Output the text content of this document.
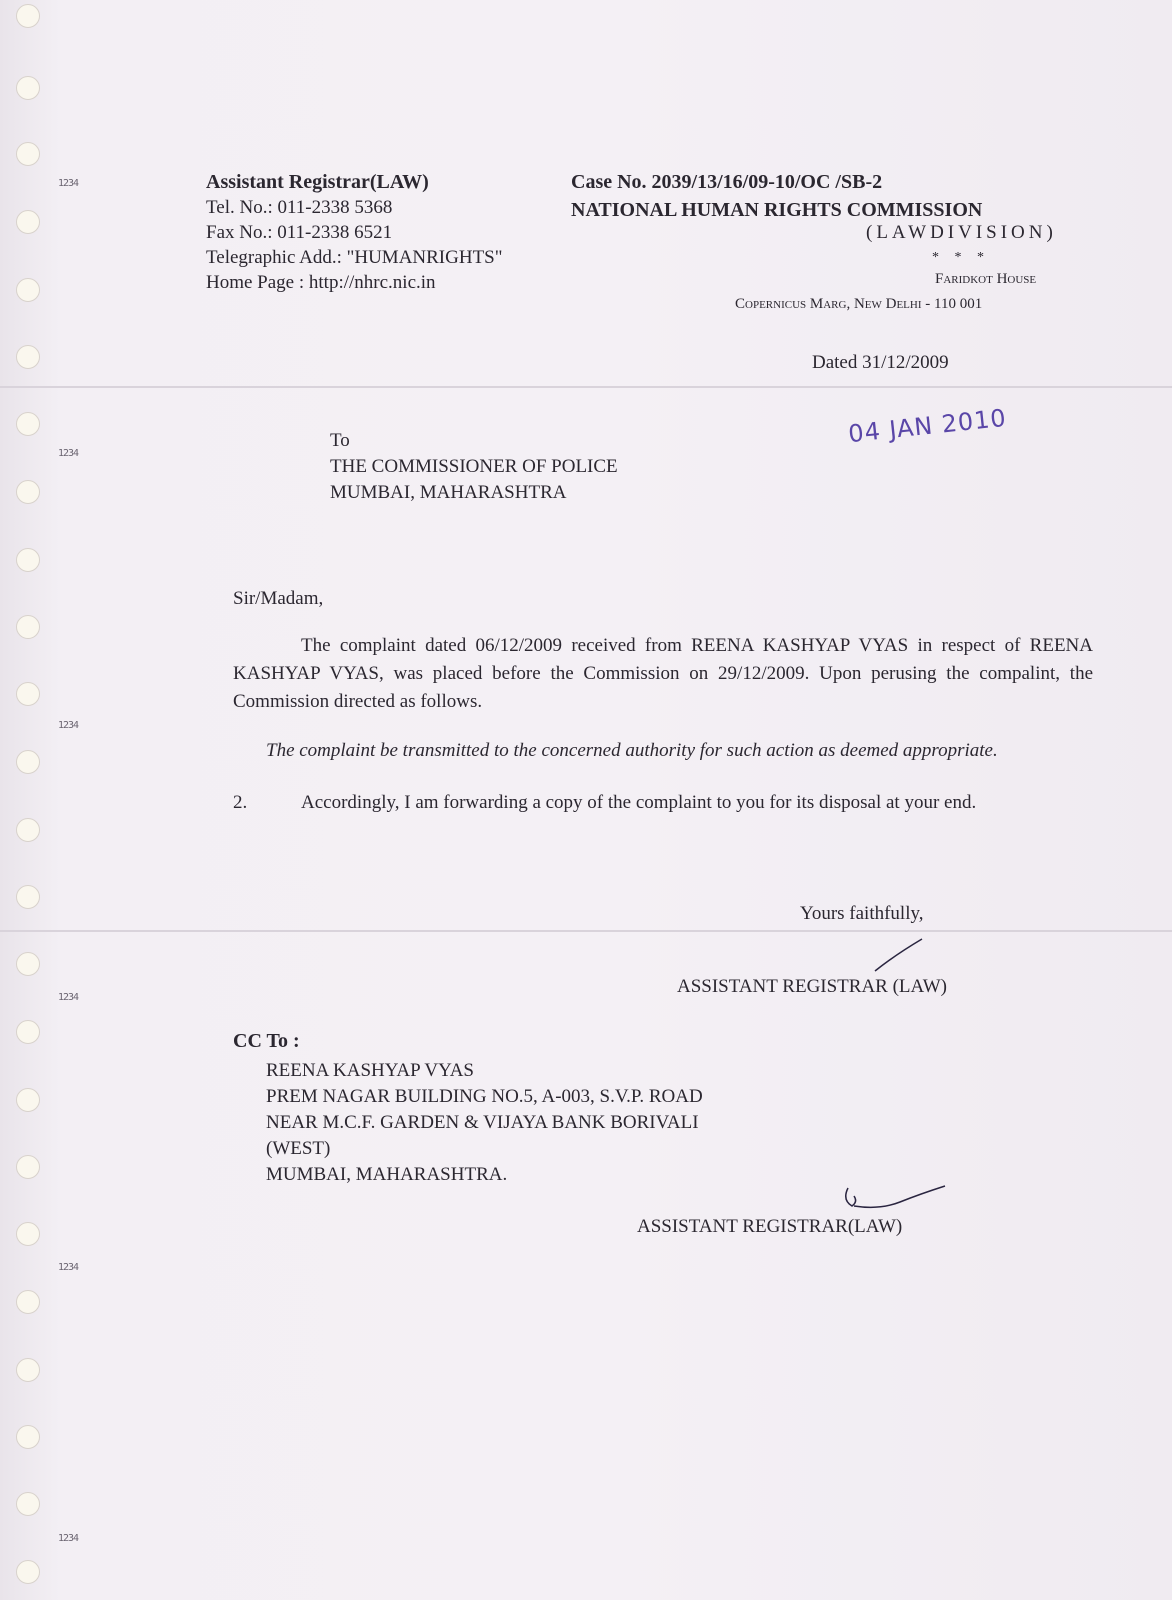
1234
1234
1234
1234
1234
1234
Assistant Registrar(LAW)
Tel. No.: 011-2338 5368
Fax No.: 011-2338 6521
Telegraphic Add.: "HUMANRIGHTS"
Home Page : http://nhrc.nic.in
Case No. 2039/13/16/09-10/OC /SB-2
NATIONAL HUMAN RIGHTS COMMISSION
(LAWDIVISION)
* * *
Faridkot House
Copernicus Marg, New Delhi - 110 001
Dated 31/12/2009
04 JAN 2010
To
THE COMMISSIONER OF POLICE
MUMBAI, MAHARASHTRA
Sir/Madam,
The complaint dated 06/12/2009 received from REENA KASHYAP VYAS in respect of REENA KASHYAP VYAS, was placed before the Commission on 29/12/2009. Upon perusing the compalint, the Commission directed as follows.
The complaint be transmitted to the concerned authority for such action as deemed appropriate.
2.	Accordingly, I am forwarding a copy of the complaint to you for its disposal at your end.
Yours faithfully,
ASSISTANT REGISTRAR (LAW)
CC To :
REENA KASHYAP VYAS
PREM NAGAR BUILDING NO.5, A-003, S.V.P. ROAD
NEAR M.C.F. GARDEN & VIJAYA BANK BORIVALI
(WEST)
MUMBAI, MAHARASHTRA.
ASSISTANT REGISTRAR(LAW)
